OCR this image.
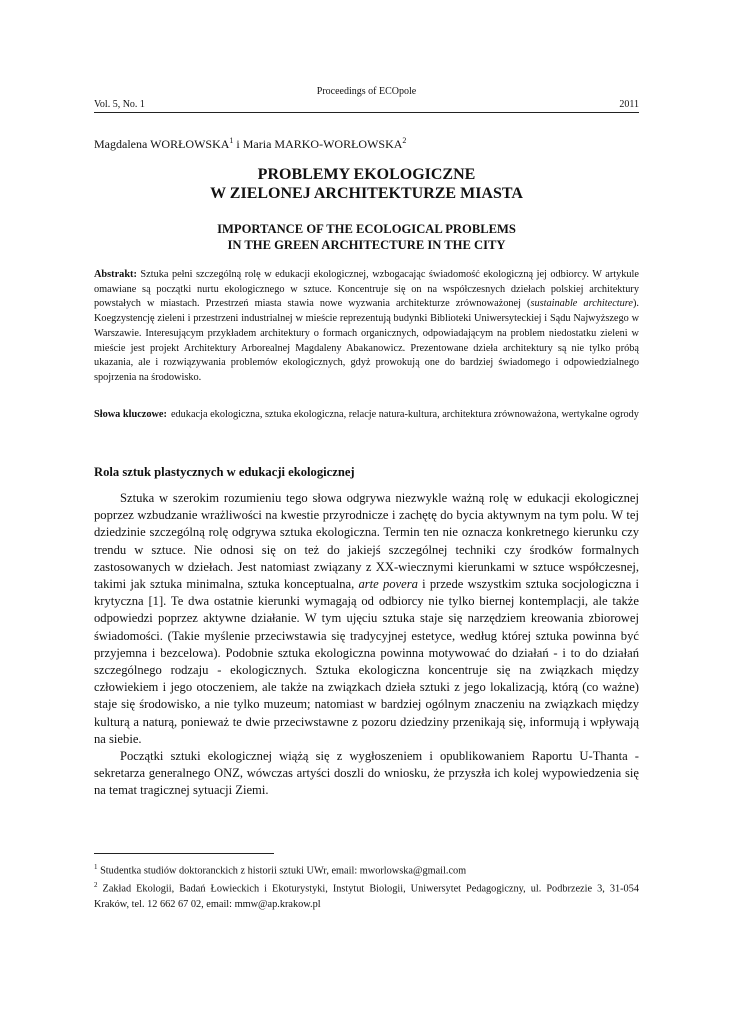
Proceedings of ECOpole
Vol. 5, No. 1	2011
Magdalena WORŁOWSKA$^1$ i Maria MARKO-WORŁOWSKA$^2$
PROBLEMY EKOLOGICZNE
W ZIELONEJ ARCHITEKTURZE MIASTA
IMPORTANCE OF THE ECOLOGICAL PROBLEMS
IN THE GREEN ARCHITECTURE IN THE CITY
Abstrakt: Sztuka pełni szczególną rolę w edukacji ekologicznej, wzbogacając świadomość ekologiczną jej odbiorcy. W artykule omawiane są początki nurtu ekologicznego w sztuce. Koncentruje się on na współczesnych dziełach polskiej architektury powstałych w miastach. Przestrzeń miasta stawia nowe wyzwania architekturze zrównoważonej (sustainable architecture). Koegzystencję zieleni i przestrzeni industrialnej w mieście reprezentują budynki Biblioteki Uniwersyteckiej i Sądu Najwyższego w Warszawie. Interesującym przykładem architektury o formach organicznych, odpowiadającym na problem niedostatku zieleni w mieście jest projekt Architektury Arborealnej Magdaleny Abakanowicz. Prezentowane dzieła architektury są nie tylko próbą ukazania, ale i rozwiązywania problemów ekologicznych, gdyż prowokują one do bardziej świadomego i odpowiedzialnego spojrzenia na środowisko.
Słowa kluczowe: edukacja ekologiczna, sztuka ekologiczna, relacje natura-kultura, architektura zrównoważona, wertykalne ogrody
Rola sztuk plastycznych w edukacji ekologicznej

Sztuka w szerokim rozumieniu tego słowa odgrywa niezwykle ważną rolę w edukacji ekologicznej poprzez wzbudzanie wrażliwości na kwestie przyrodnicze i zachętę do bycia aktywnym na tym polu. W tej dziedzinie szczególną rolę odgrywa sztuka ekologiczna. Termin ten nie oznacza konkretnego kierunku czy trendu w sztuce. Nie odnosi się on też do jakiejś szczególnej techniki czy środków formalnych zastosowanych w dziełach. Jest natomiast związany z XX-wiecznymi kierunkami w sztuce współczesnej, takimi jak sztuka minimalna, sztuka konceptualna, arte povera i przede wszystkim sztuka socjologiczna i krytyczna [1]. Te dwa ostatnie kierunki wymagają od odbiorcy nie tylko biernej kontemplacji, ale także odpowiedzi poprzez aktywne działanie. W tym ujęciu sztuka staje się narzędziem kreowania zbiorowej świadomości. (Takie myślenie przeciwstawia się tradycyjnej estetyce, według której sztuka powinna być przyjemna i bezcelowa). Podobnie sztuka ekologiczna powinna motywować do działań - i to do działań szczególnego rodzaju - ekologicznych. Sztuka ekologiczna koncentruje się na związkach między człowiekiem i jego otoczeniem, ale także na związkach dzieła sztuki z jego lokalizacją, którą (co ważne) staje się środowisko, a nie tylko muzeum; natomiast w bardziej ogólnym znaczeniu na związkach między kulturą a naturą, ponieważ te dwie przeciwstawne z pozoru dziedziny przenikają się, informują i wpływają na siebie.

Początki sztuki ekologicznej wiążą się z wygłoszeniem i opublikowaniem Raportu U-Thanta - sekretarza generalnego ONZ, wówczas artyści doszli do wniosku, że przyszła ich kolej wypowiedzenia się na temat tragicznej sytuacji Ziemi.

$^1$ Studentka studiów doktoranckich z historii sztuki UWr, email: mworlowska@gmail.com

$^2$ Zakład Ekologii, Badań Łowieckich i Ekoturystyki, Instytut Biologii, Uniwersytet Pedagogiczny, ul. Podbrzezie 3, 31-054 Kraków, tel. 12 662 67 02, email: mmw@ap.krakow.pl
